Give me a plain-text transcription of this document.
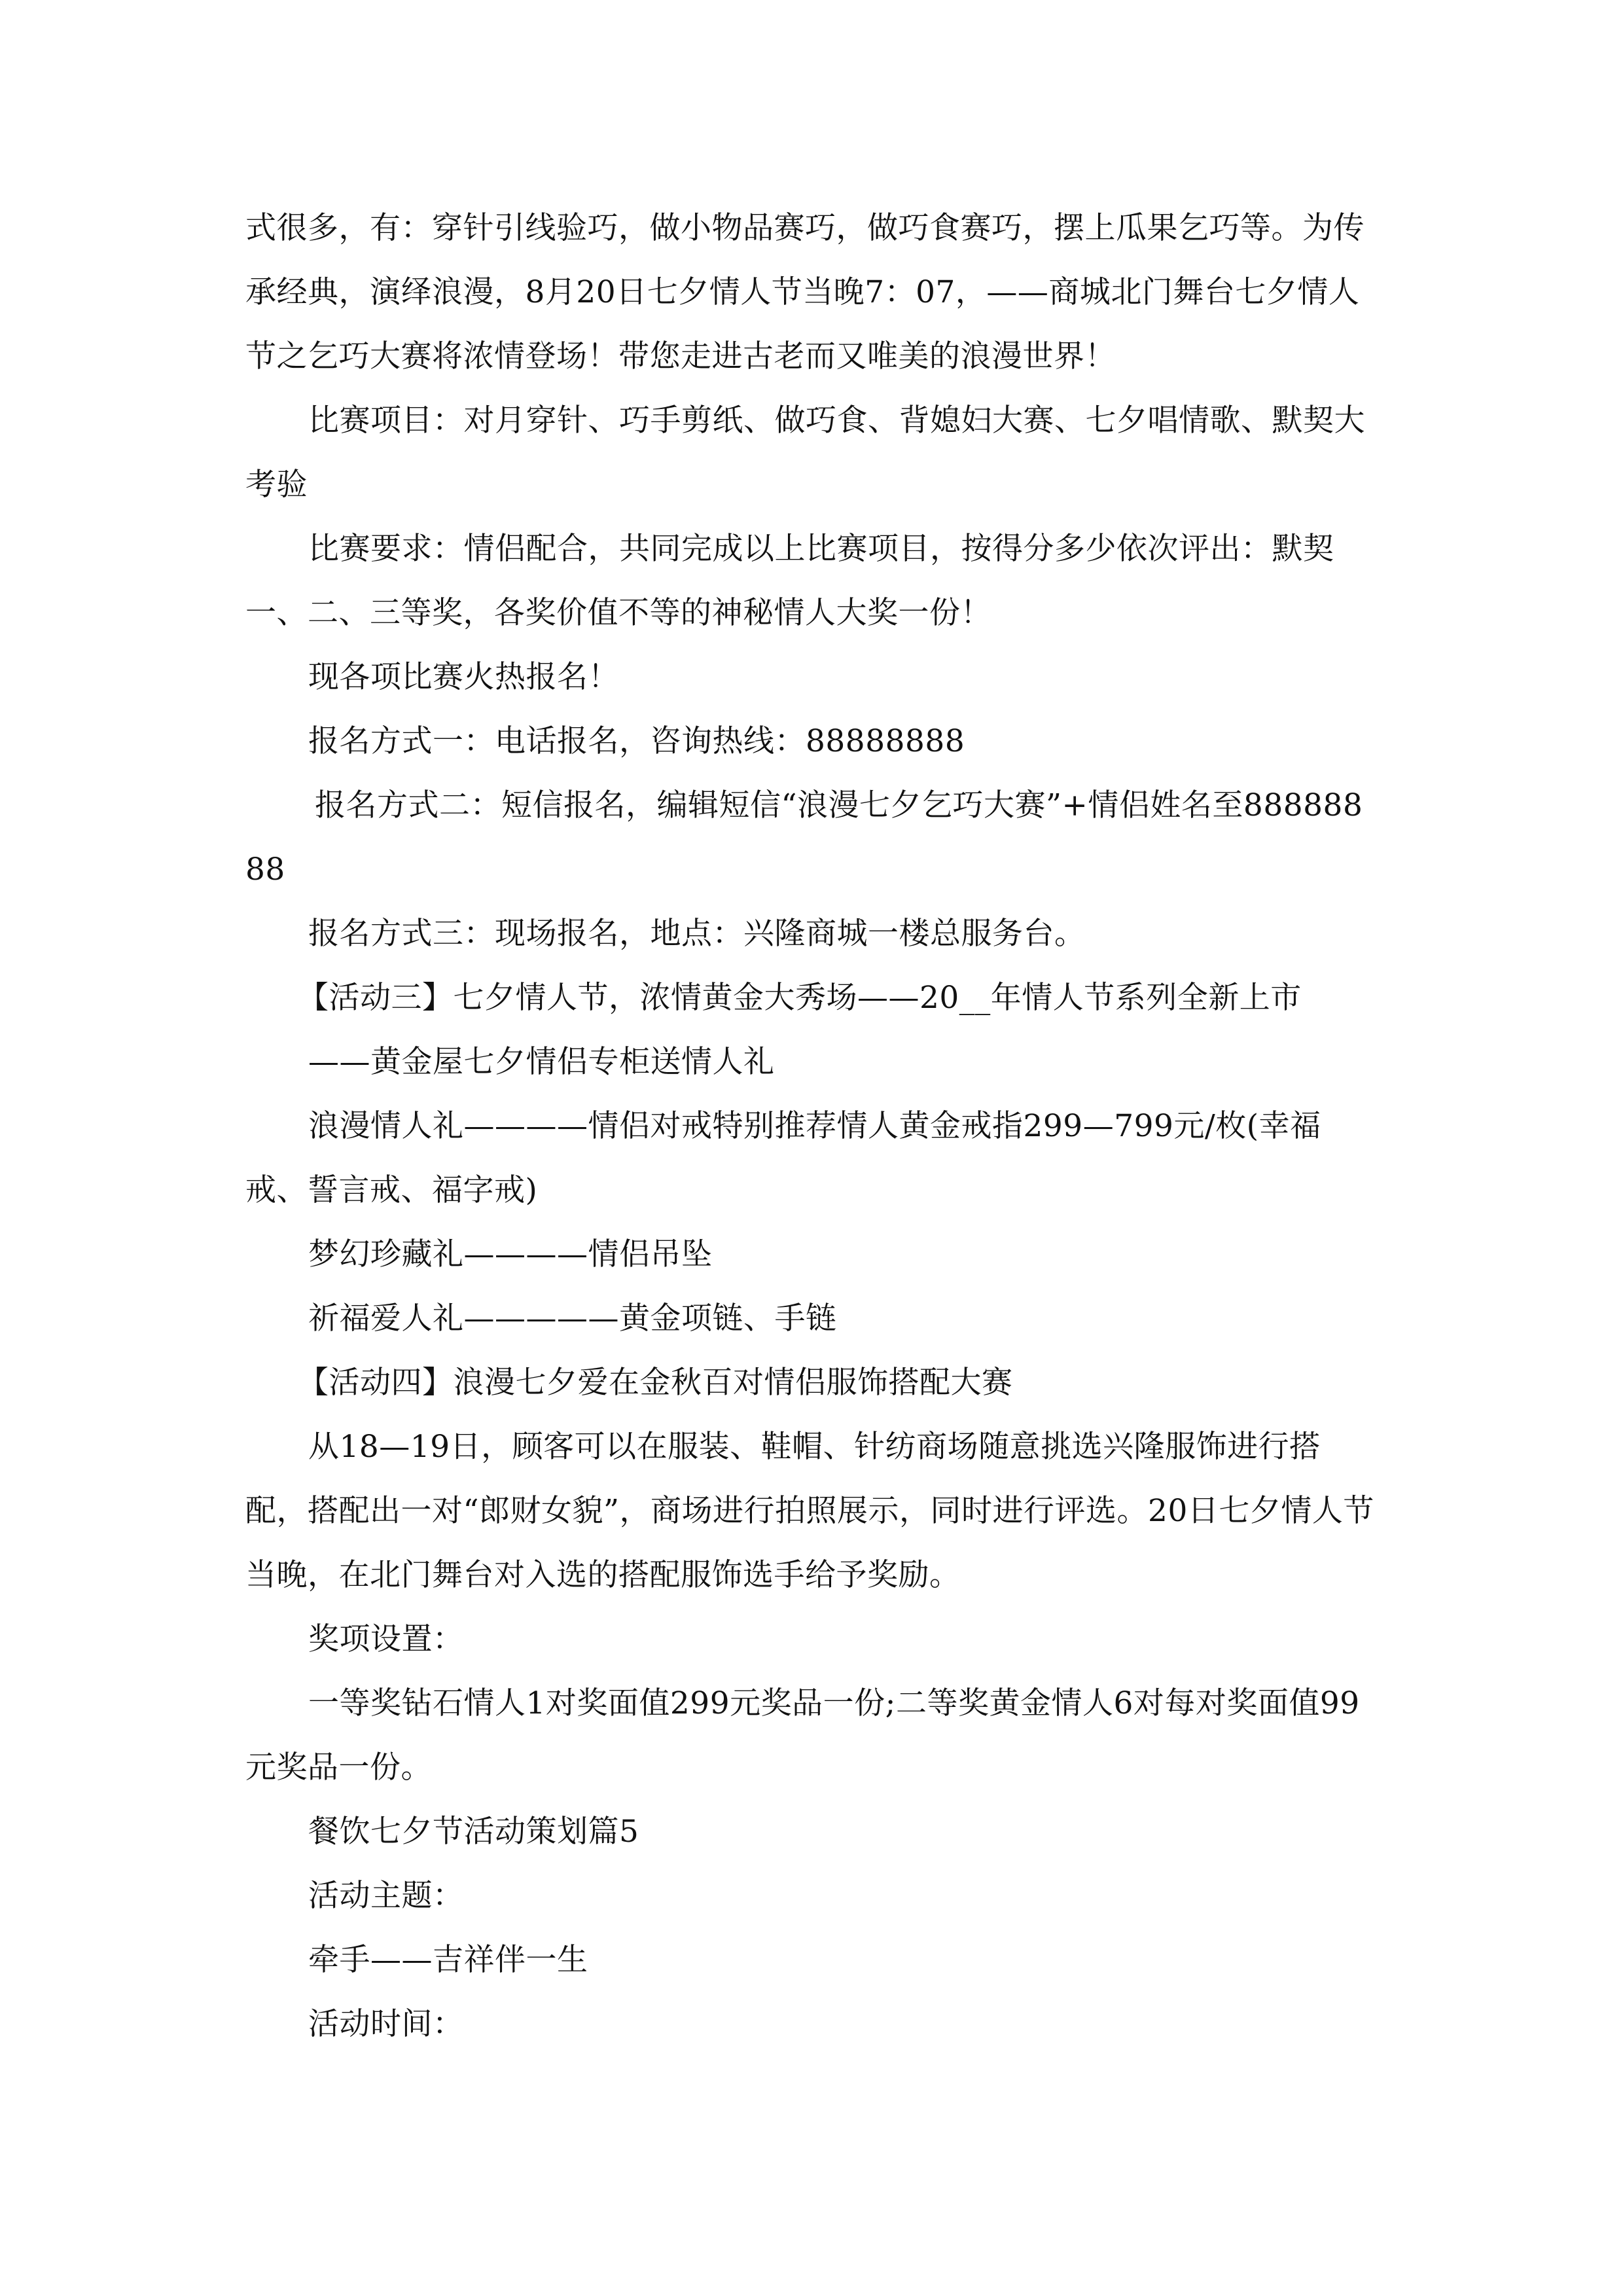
式很多，有：穿针引线验巧，做小物品赛巧，做巧食赛巧，摆上瓜果乞巧等。为传承经典，演绎浪漫，8月20日七夕情人节当晚7：07，——商城北门舞台七夕情人节之乞巧大赛将浓情登场！带您走进古老而又唯美的浪漫世界！

比赛项目：对月穿针、巧手剪纸、做巧食、背媳妇大赛、七夕唱情歌、默契大考验

比赛要求：情侣配合，共同完成以上比赛项目，按得分多少依次评出：默契一、二、三等奖，各奖价值不等的神秘情人大奖一份！

现各项比赛火热报名！

报名方式一：电话报名，咨询热线：88888888

报名方式二：短信报名，编辑短信“浪漫七夕乞巧大赛”+情侣姓名至88888888

报名方式三：现场报名，地点：兴隆商城一楼总服务台。

【活动三】七夕情人节，浓情黄金大秀场——20__年情人节系列全新上市

——黄金屋七夕情侣专柜送情人礼

浪漫情人礼————情侣对戒特别推荐情人黄金戒指299—799元/枚(幸福戒、誓言戒、福字戒)

梦幻珍藏礼————情侣吊坠

祈福爱人礼—————黄金项链、手链

【活动四】浪漫七夕爱在金秋百对情侣服饰搭配大赛

从18—19日，顾客可以在服装、鞋帽、针纺商场随意挑选兴隆服饰进行搭配，搭配出一对“郎财女貌”，商场进行拍照展示，同时进行评选。20日七夕情人节当晚，在北门舞台对入选的搭配服饰选手给予奖励。

奖项设置：

一等奖钻石情人1对奖面值299元奖品一份;二等奖黄金情人6对每对奖面值99元奖品一份。

餐饮七夕节活动策划篇5

活动主题：

牵手——吉祥伴一生

活动时间：
